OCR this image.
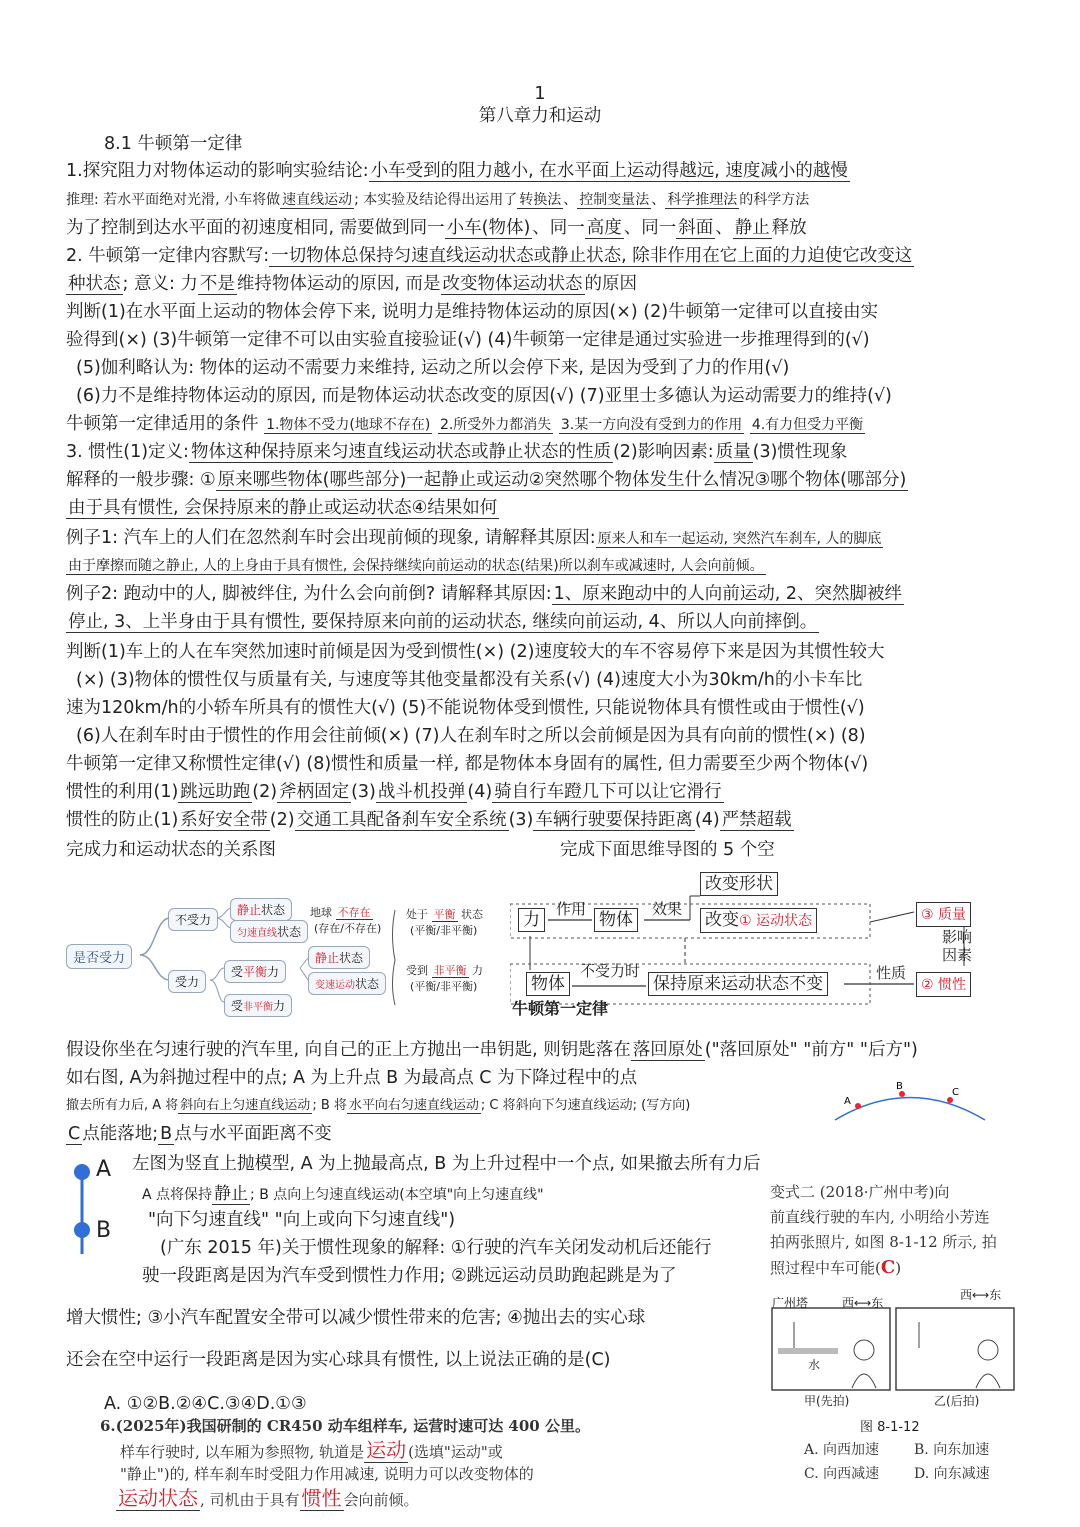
1
第八章力和运动
8.1 牛顿第一定律
1.探究阻力对物体运动的影响实验结论: 小车受到的阻力越小, 在水平面上运动得越远, 速度减小的越慢
推理: 若水平面绝对光滑, 小车将做 速直线运动 ; 本实验及结论得出运用了 转换法 、 控制变量法 、 科学推理法 的科学方法
为了控制到达水平面的初速度相同, 需要做到同一 小车(物体) 、同一 高度 、同一 斜面 、 静止 释放
2. 牛顿第一定律内容默写: 一切物体总保持匀速直线运动状态或静止状态, 除非作用在它上面的力迫使它改变这
种状态 ; 意义: 力 不是 维持物体运动的原因, 而是 改变物体运动状态 的原因
判断(1)在水平面上运动的物体会停下来, 说明力是维持物体运动的原因(×) (2)牛顿第一定律可以直接由实
验得到(×) (3)牛顿第一定律不可以由实验直接验证(√) (4)牛顿第一定律是通过实验进一步推理得到的(√)
(5)伽利略认为: 物体的运动不需要力来维持, 运动之所以会停下来, 是因为受到了力的作用(√)
(6)力不是维持物体运动的原因, 而是物体运动状态改变的原因(√) (7)亚里士多德认为运动需要力的维持(√)
牛顿第一定律适用的条件 1.物体不受力(地球不存在) 2.所受外力都消失 3.某一方向没有受到力的作用 4.有力但受力平衡
3. 惯性(1)定义: 物体这种保持原来匀速直线运动状态或静止状态的性质 (2)影响因素: 质量 (3)惯性现象
解释的一般步骤: ① 原来哪些物体(哪些部分)一起静止或运动②突然哪个物体发生什么情况③哪个物体(哪部分)
由于具有惯性, 会保持原来的静止或运动状态④结果如何
例子1: 汽车上的人们在忽然刹车时会出现前倾的现象, 请解释其原因: 原来人和车一起运动, 突然汽车刹车, 人的脚底
由于摩擦而随之静止, 人的上身由于具有惯性, 会保持继续向前运动的状态(结果)所以刹车或减速时, 人会向前倾。
例子2: 跑动中的人, 脚被绊住, 为什么会向前倒? 请解释其原因: 1、原来跑动中的人向前运动, 2、突然脚被绊
停止, 3、上半身由于具有惯性, 要保持原来向前的运动状态, 继续向前运动, 4、所以人向前摔倒。
判断(1)车上的人在车突然加速时前倾是因为受到惯性(×) (2)速度较大的车不容易停下来是因为其惯性较大
(×) (3)物体的惯性仅与质量有关, 与速度等其他变量都没有关系(√) (4)速度大小为30km/h的小卡车比
速为120km/h的小轿车所具有的惯性大(√) (5)不能说物体受到惯性, 只能说物体具有惯性或由于惯性(√)
(6)人在刹车时由于惯性的作用会往前倾(×) (7)人在刹车时之所以会前倾是因为具有向前的惯性(×) (8)
牛顿第一定律又称惯性定律(√) (8)惯性和质量一样, 都是物体本身固有的属性, 但力需要至少两个物体(√)
惯性的利用(1) 跳远助跑 (2) 斧柄固定 (3) 战斗机投弹 (4) 骑自行车蹬几下可以让它滑行
惯性的防止(1) 系好安全带 (2) 交通工具配备刹车安全系统 (3) 车辆行驶要保持距离 (4) 严禁超载
完成力和运动状态的关系图	完成下面思维导图的 5 个空
是否受力
不受力
受力
静止状态
匀速直线状态
受平衡力
受非平衡力
静止状态
变速运动状态
地球 不存在
(存在/不存在)
处于 平衡 状态
(平衡/非平衡)
受到 非平衡 力
(平衡/非平衡)
力
作用
物体
效果
改变形状
改变① 运动状态
物体
不受力时
保持原来运动状态不变
性质
② 惯性
③ 质量
影响因素
牛顿第一定律
假设你坐在匀速行驶的汽车里, 向自己的正上方抛出一串钥匙, 则钥匙落在 落回原处 ("落回原处" "前方" "后方")
如右图, A为斜抛过程中的点; A 为上升点 B 为最高点 C 为下降过程中的点
撤去所有力后, A 将 斜向右上匀速直线运动 ; B 将 水平向右匀速直线运动 ; C 将斜向下匀速直线运动; (写方向)
C 点能落地; B 点与水平面距离不变
A
B
C
A
B
左图为竖直上抛模型, A 为上抛最高点, B 为上升过程中一个点, 如果撤去所有力后
A 点将保持 静止 ; B 点向上匀速直线运动(本空填"向上匀速直线"
"向下匀速直线" "向上或向下匀速直线")
(广东 2015 年)关于惯性现象的解释: ①行驶的汽车关闭发动机后还能行
驶一段距离是因为汽车受到惯性力作用; ②跳远运动员助跑起跳是为了
增大惯性; ③小汽车配置安全带可以减少惯性带来的危害; ④抛出去的实心球
还会在空中运行一段距离是因为实心球具有惯性, 以上说法正确的是(C)
A. ①②B.②④C.③④D.①③
6.(2025年)我国研制的 CR450 动车组样车, 运营时速可达 400 公里。
样车行驶时, 以车厢为参照物, 轨道是 运动 (选填"运动"或
"静止")的, 样车刹车时受阻力作用减速, 说明力可以改变物体的
运动状态 , 司机由于具有 惯性 会向前倾。
变式二 (2018·广州中考)向
前直线行驶的车内, 小明给小芳连
拍两张照片, 如图 8-1-12 所示, 拍
照过程中车可能(C)
广州塔	西⟷东
西⟷东
水
甲(先拍)	乙(后拍)
图 8-1-12
A. 向西加速 B. 向东加速
C. 向西减速 D. 向东减速
